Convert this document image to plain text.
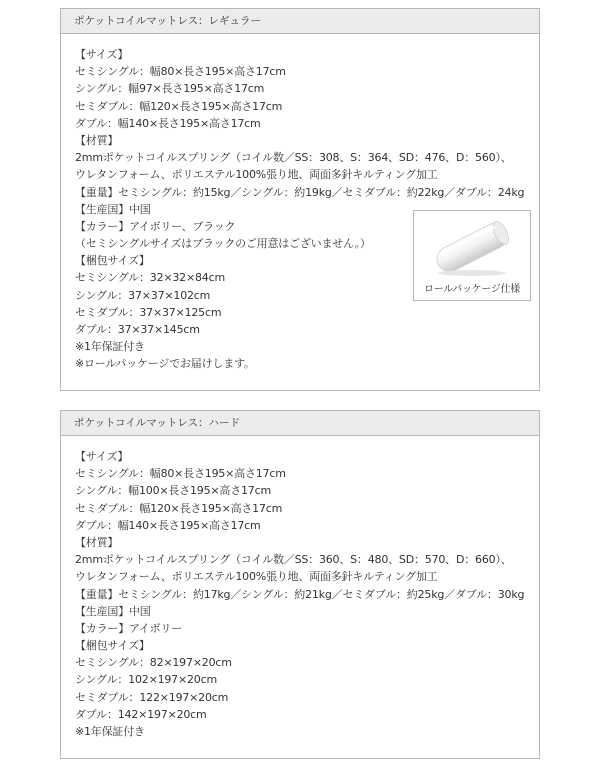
ポケットコイルマットレス：レギュラー
【サイズ】
セミシングル：幅80×長さ195×高さ17cm
シングル：幅97×長さ195×高さ17cm
セミダブル：幅120×長さ195×高さ17cm
ダブル：幅140×長さ195×高さ17cm
【材質】
2mmポケットコイルスプリング（コイル数／SS：308、S：364、SD：476、D：560）、
ウレタンフォーム、ポリエステル100%張り地、両面多針キルティング加工
【重量】セミシングル：約15kg／シングル：約19kg／セミダブル：約22kg／ダブル：24kg
【生産国】中国
【カラー】アイボリー、ブラック
（セミシングルサイズはブラックのご用意はございません。）
【梱包サイズ】
セミシングル：32×32×84cm
シングル：37×37×102cm
セミダブル：37×37×125cm
ダブル：37×37×145cm
※1年保証付き
※ロールパッケージでお届けします。
ロールパッケージ仕様
ポケットコイルマットレス：ハード
【サイズ】
セミシングル：幅80×長さ195×高さ17cm
シングル：幅100×長さ195×高さ17cm
セミダブル：幅120×長さ195×高さ17cm
ダブル：幅140×長さ195×高さ17cm
【材質】
2mmポケットコイルスプリング（コイル数／SS：360、S：480、SD：570、D：660）、
ウレタンフォーム、ポリエステル100%張り地、両面多針キルティング加工
【重量】セミシングル：約17kg／シングル：約21kg／セミダブル：約25kg／ダブル：30kg
【生産国】中国
【カラー】アイボリー
【梱包サイズ】
セミシングル：82×197×20cm
シングル：102×197×20cm
セミダブル：122×197×20cm
ダブル：142×197×20cm
※1年保証付き
